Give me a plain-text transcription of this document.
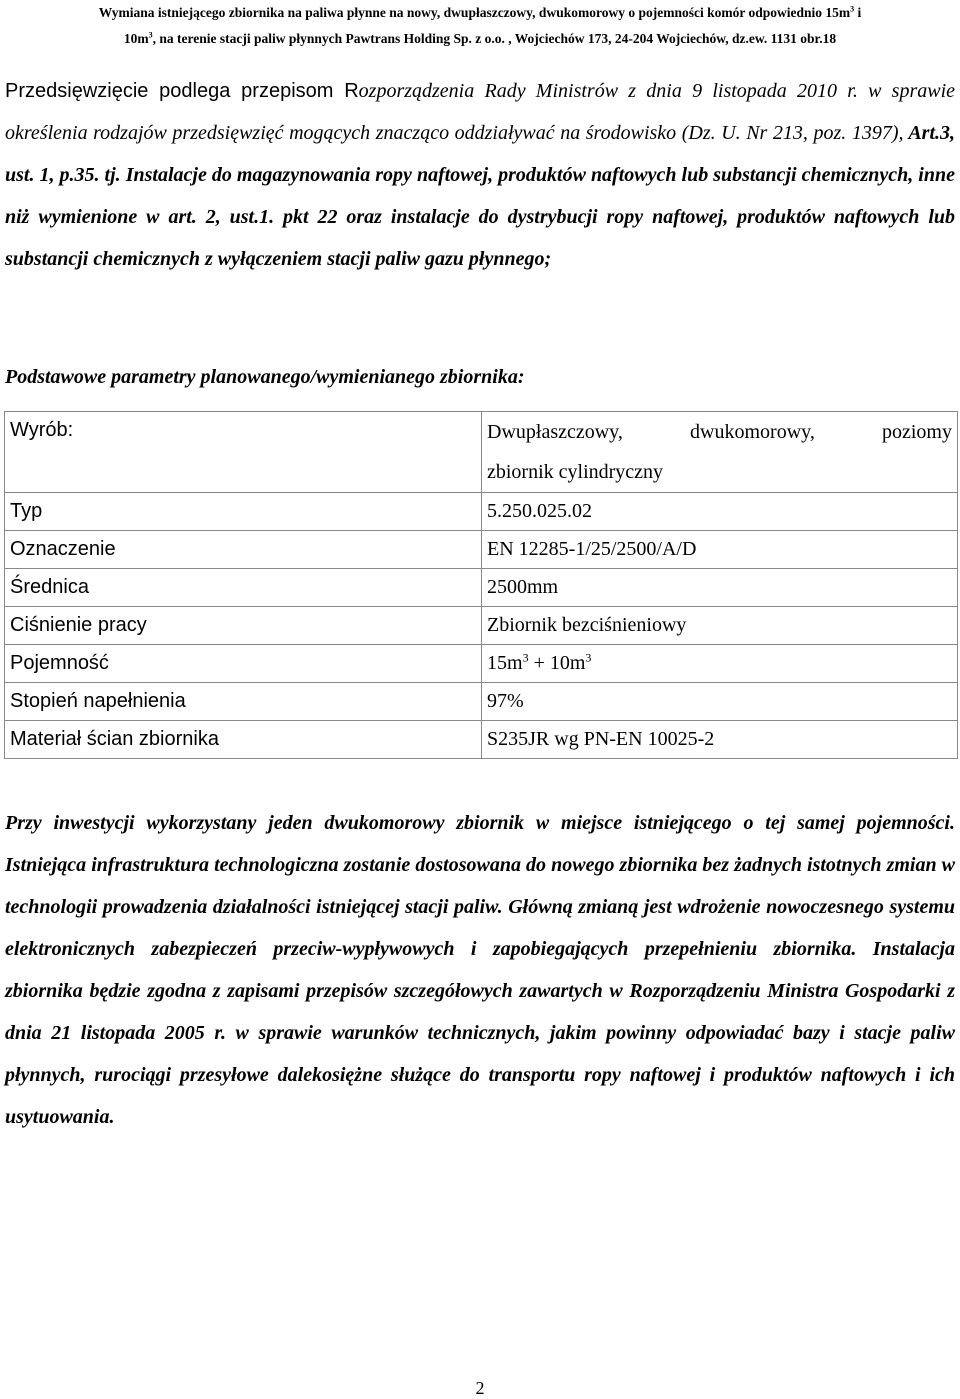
Wymiana istniejącego zbiornika na paliwa płynne na nowy, dwupłaszczowy, dwukomorowy o pojemności komór odpowiednio $15m^3$ i
$10m^3$, na terenie stacji paliw płynnych Pawtrans Holding Sp. z o.o. , Wojciechów 173, 24-204 Wojciechów, dz.ew. 1131 obr.18
Przedsięwzięcie podlega przepisom Rozporządzenia Rady Ministrów z dnia 9 listopada 2010 r. w sprawie określenia rodzajów przedsięwzięć mogących znacząco oddziaływać na środowisko (Dz. U. Nr 213, poz. 1397), Art.3, ust. 1, p.35. tj. Instalacje do magazynowania ropy naftowej, produktów naftowych lub substancji chemicznych, inne niż wymienione w art. 2, ust.1. pkt 22 oraz instalacje do dystrybucji ropy naftowej, produktów naftowych lub substancji chemicznych z wyłączeniem stacji paliw gazu płynnego;
Podstawowe parametry planowanego/wymienianego zbiornika:
Wyrób:	Dwupłaszczowy, dwukomorowy, poziomy
zbiornik cylindryczny

Typ	5.250.025.02
Oznaczenie	EN 12285-1/25/2500/A/D
Średnica	2500mm
Ciśnienie pracy	Zbiornik bezciśnieniowy
Pojemność	$15m^3 + 10m^3$
Stopień napełnienia	97%
Materiał ścian zbiornika	S235JR wg PN-EN 10025-2
Przy inwestycji wykorzystany jeden dwukomorowy zbiornik w miejsce istniejącego o tej samej pojemności. Istniejąca infrastruktura technologiczna zostanie dostosowana do nowego zbiornika bez żadnych istotnych zmian w technologii prowadzenia działalności istniejącej stacji paliw. Główną zmianą jest wdrożenie nowoczesnego systemu elektronicznych zabezpieczeń przeciw-wypływowych i zapobiegających przepełnieniu zbiornika. Instalacja zbiornika będzie zgodna z zapisami przepisów szczegółowych zawartych w Rozporządzeniu Ministra Gospodarki z dnia 21 listopada 2005 r. w sprawie warunków technicznych, jakim powinny odpowiadać bazy i stacje paliw płynnych, rurociągi przesyłowe dalekosiężne służące do transportu ropy naftowej i produktów naftowych i ich usytuowania.
2
